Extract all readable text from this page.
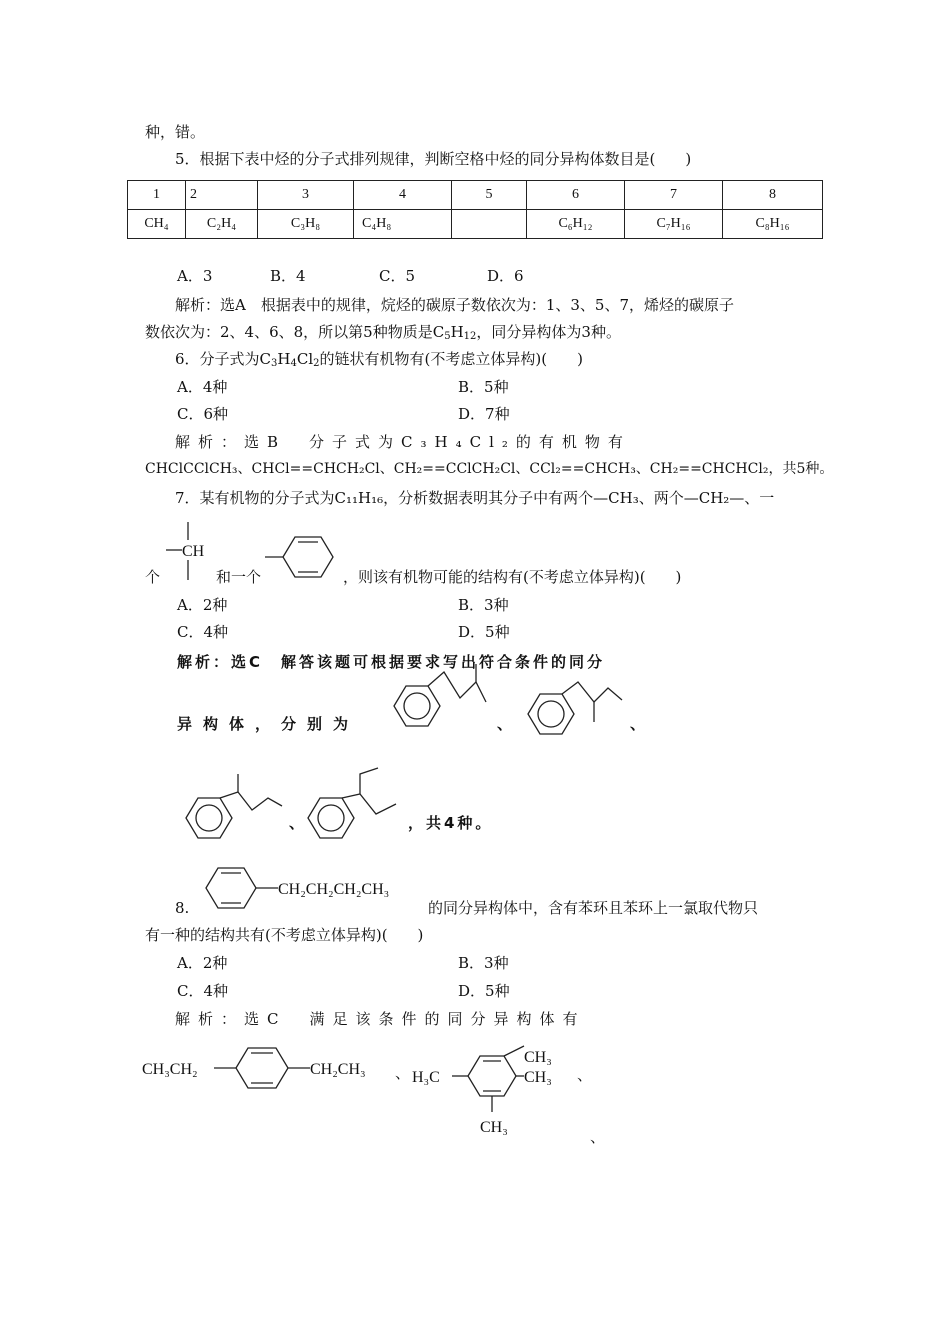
种，错。
5．根据下表中烃的分子式排列规律，判断空格中烃的同分异构体数目是(　　)
1	2	3	4	5	6	7	8
CH₄	C₂H₄	C₃H₈	C₄H₈		C₆H₁₂	C₇H₁₆	C₈H₁₆
A．3	B．4	C．5	D．6
解析：选A　根据表中的规律，烷烃的碳原子数依次为：1、3、5、7，烯烃的碳原子
数依次为：2、4、6、8，所以第5种物质是$C_5H_{12}$，同分异构体为3种。
6．分子式为$C_3H_4Cl_2$的链状有机物有(不考虑立体异构)(　　)
A．4种	B．5种
C．6种	D．7种
解析：选B　分子式为C₃H₄Cl₂的有机物有
CHClCClCH₃、CHCl==CHCH₂Cl、CH₂==CClCH₂Cl、CCl₂==CHCH₃、CH₂==CHCHCl₂，共5种。
7．某有机物的分子式为C₁₁H₁₆，分析数据表明其分子中有两个—CH₃、两个—CH₂—、一
CH
个	和一个	，则该有机物可能的结构有(不考虑立体异构)(　　)
A．2种	B．3种
C．4种	D．5种
解析：选C　解答该题可根据要求写出符合条件的同分
异构体，分别为	、	、
、	，共4种。
CH₂CH₂CH₂CH₃
8.	的同分异构体中，含有苯环且苯环上一氯取代物只
有一种的结构共有(不考虑立体异构)(　　)
A．2种	B．3种
C．4种	D．5种
解析：选C　满足该条件的同分异构体有
CH₃CH₂	CH₂CH₃ 、 H₃C
CH₃
CH₃
CH₃
、
、
